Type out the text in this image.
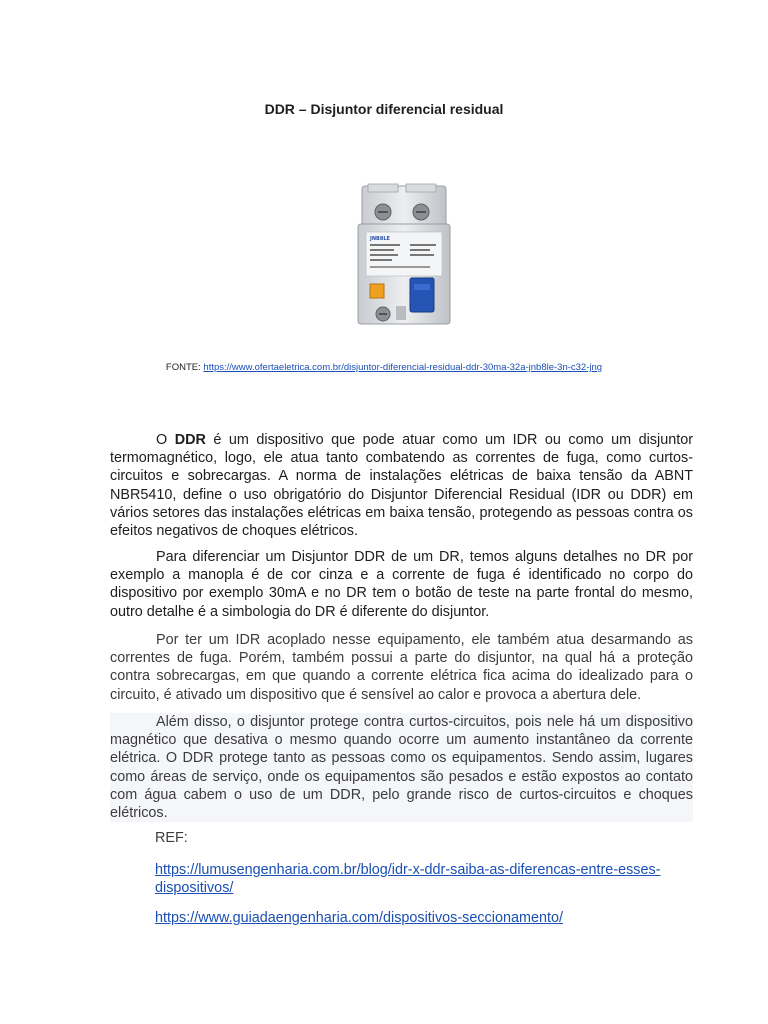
DDR – Disjuntor diferencial residual
JNB8LE
FONTE: https://www.ofertaeletrica.com.br/disjuntor-diferencial-residual-ddr-30ma-32a-jnb8le-3n-c32-jng
O DDR é um dispositivo que pode atuar como um IDR ou como um disjuntor termomagnético, logo, ele atua tanto combatendo as correntes de fuga, como curtos-circuitos e sobrecargas. A norma de instalações elétricas de baixa tensão da ABNT NBR5410, define o uso obrigatório do Disjuntor Diferencial Residual (IDR ou DDR) em vários setores das instalações elétricas em baixa tensão, protegendo as pessoas contra os efeitos negativos de choques elétricos.
Para diferenciar um Disjuntor DDR de um DR, temos alguns detalhes no DR por exemplo a manopla é de cor cinza e a corrente de fuga é identificado no corpo do dispositivo por exemplo 30mA e no DR tem o botão de teste na parte frontal do mesmo, outro detalhe é a simbologia do DR é diferente do disjuntor.
Por ter um IDR acoplado nesse equipamento, ele também atua desarmando as correntes de fuga. Porém, também possui a parte do disjuntor, na qual há a proteção contra sobrecargas, em que quando a corrente elétrica fica acima do idealizado para o circuito, é ativado um dispositivo que é sensível ao calor e provoca a abertura dele.
Além disso, o disjuntor protege contra curtos-circuitos, pois nele há um dispositivo magnético que desativa o mesmo quando ocorre um aumento instantâneo da corrente elétrica. O DDR protege tanto as pessoas como os equipamentos. Sendo assim, lugares como áreas de serviço, onde os equipamentos são pesados e estão expostos ao contato com água cabem o uso de um DDR, pelo grande risco de curtos-circuitos e choques elétricos.
REF:
https://lumusengenharia.com.br/blog/idr-x-ddr-saiba-as-diferencas-entre-esses-dispositivos/
https://www.guiadaengenharia.com/dispositivos-seccionamento/
